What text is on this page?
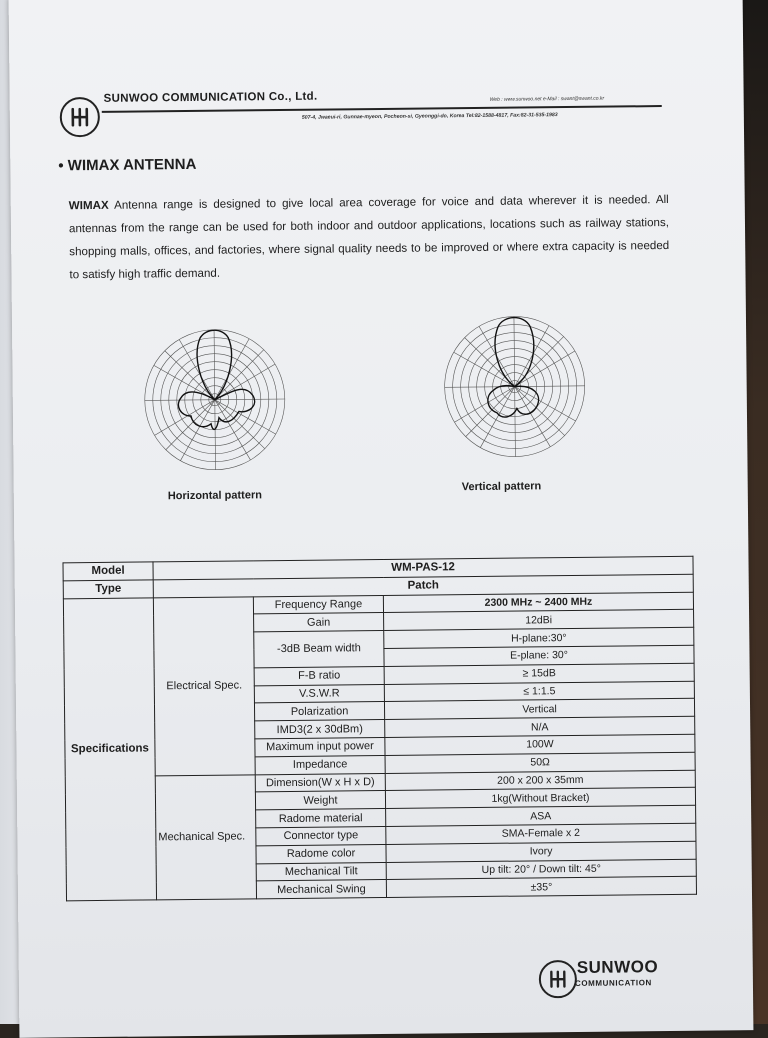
SUNWOO COMMUNICATION Co., Ltd.	Web : www.sunwoo.net e-Mail : swant@swant.co.kr
507-4, Jwaeui-ri, Gunnae-myeon, Pocheon-si, Gyeonggi-do, Korea Tel:82-1588-4817, Fax:82-31-535-1983
• WIMAX ANTENNA
WIMAX Antenna range is designed to give local area coverage for voice and data wherever it is needed. All antennas from the range can be used for both indoor and outdoor applications, locations such as railway stations, shopping malls, offices, and factories, where signal quality needs to be improved or where extra capacity is needed to satisfy high traffic demand.
Horizontal pattern
Vertical pattern
Model	WM-PAS-12		
Type	Patch		
Specifications	Electrical Spec.	Frequency Range	2300 MHz ~ 2400 MHz
		Gain	12dBi
		-3dB Beam width	H-plane:30°
			E-plane: 30°
		F-B ratio	≥ 15dB
		V.S.W.R	≤ 1:1.5
		Polarization	Vertical
		IMD3(2 x 30dBm)	N/A
		Maximum input power	100W
		Impedance	50Ω
	Mechanical Spec.	Dimension(W x H x D)	200 x 200 x 35mm
		Weight	1kg(Without Bracket)
		Radome material	ASA
		Connector type	SMA-Female x 2
		Radome color	Ivory
		Mechanical Tilt	Up tilt: 20° / Down tilt: 45°
		Mechanical Swing	±35°
SUNWOO
COMMUNICATION
